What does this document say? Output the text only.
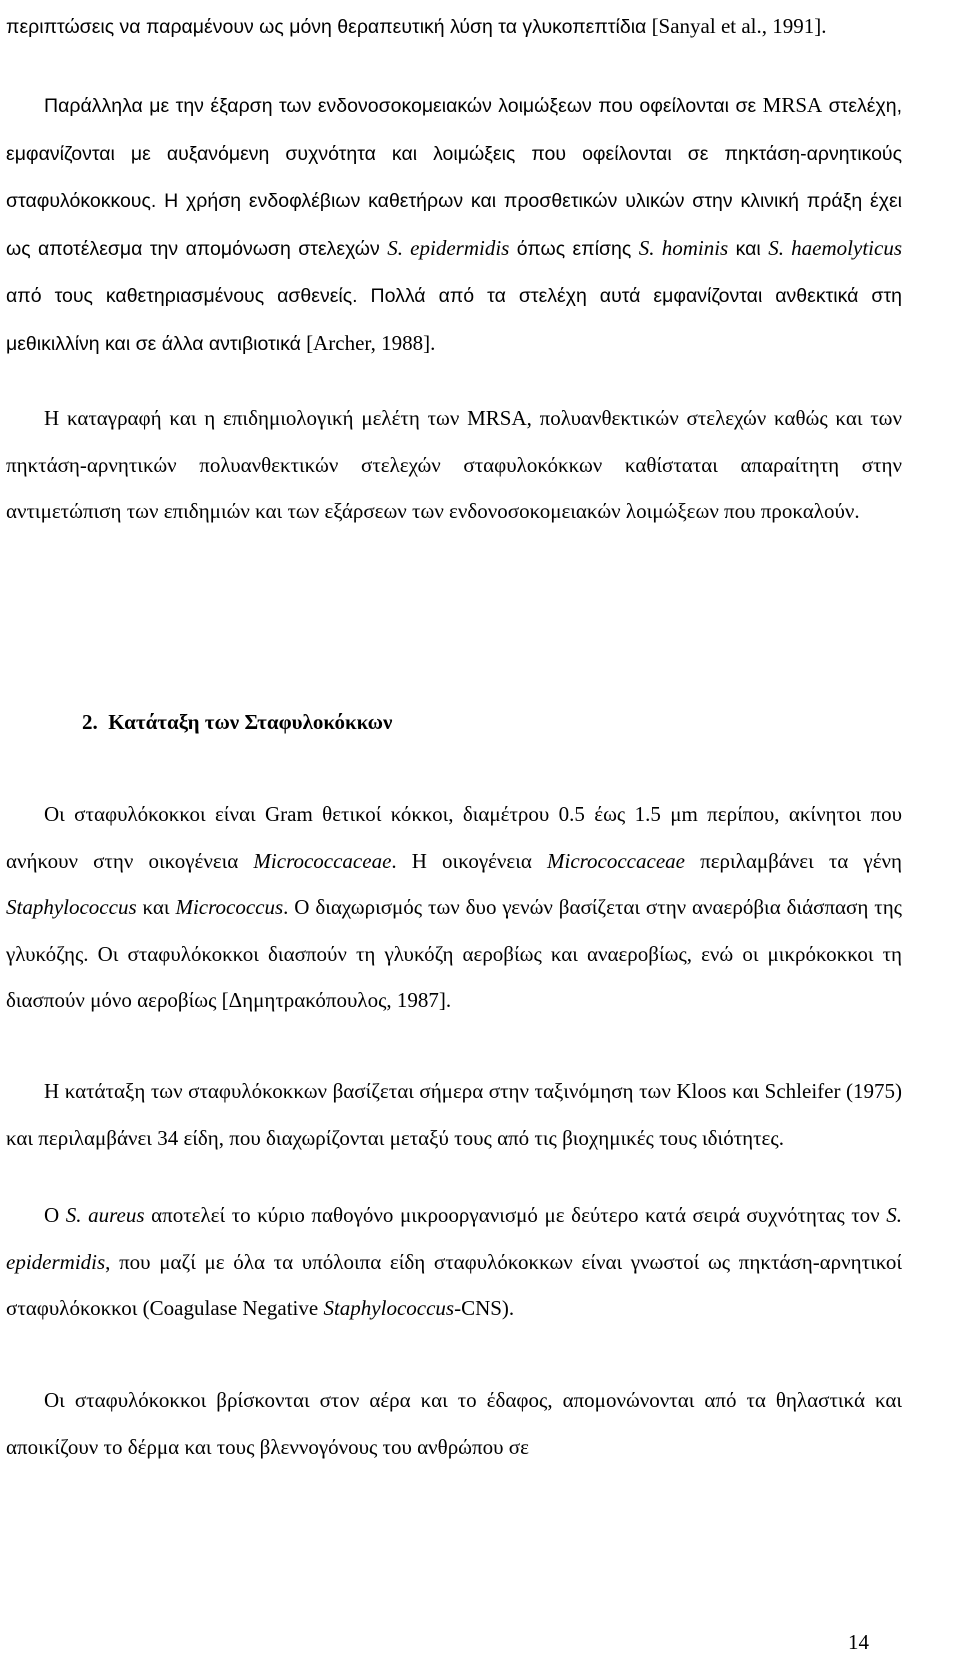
περιπτώσεις να παραμένουν ως μόνη θεραπευτική λύση τα γλυκοπεπτίδια [Sanyal et al., 1991].

Παράλληλα με την έξαρση των ενδονοσοκομειακών λοιμώξεων που οφείλονται σε MRSA στελέχη, εμφανίζονται με αυξανόμενη συχνότητα και λοιμώξεις που οφείλονται σε πηκτάση-αρνητικούς σταφυλόκοκκους. Η χρήση ενδοφλέβιων καθετήρων και προσθετικών υλικών στην κλινική πράξη έχει ως αποτέλεσμα την απομόνωση στελεχών S. epidermidis όπως επίσης S. hominis και S. haemolyticus από τους καθετηριασμένους ασθενείς. Πολλά από τα στελέχη αυτά εμφανίζονται ανθεκτικά στη μεθικιλλίνη και σε άλλα αντιβιοτικά [Archer, 1988].

Η καταγραφή και η επιδημιολογική μελέτη των MRSA, πολυανθεκτικών στελεχών καθώς και των πηκτάση-αρνητικών πολυανθεκτικών στελεχών σταφυλοκόκκων καθίσταται απαραίτητη στην αντιμετώπιση των επιδημιών και των εξάρσεων των ενδονοσοκομειακών λοιμώξεων που προκαλούν.

2. Κατάταξη των Σταφυλοκόκκων

Οι σταφυλόκοκκοι είναι Gram θετικοί κόκκοι, διαμέτρου 0.5 έως 1.5 μm περίπου, ακίνητοι που ανήκουν στην οικογένεια Micrococcaceae. Η οικογένεια Micrococcaceae περιλαμβάνει τα γένη Staphylococcus και Micrococcus. Ο διαχωρισμός των δυο γενών βασίζεται στην αναερόβια διάσπαση της γλυκόζης. Οι σταφυλόκοκκοι διασπούν τη γλυκόζη αεροβίως και αναεροβίως, ενώ οι μικρόκοκκοι τη διασπούν μόνο αεροβίως [Δημητρακόπουλος, 1987].

Η κατάταξη των σταφυλόκοκκων βασίζεται σήμερα στην ταξινόμηση των Kloos και Schleifer (1975) και περιλαμβάνει 34 είδη, που διαχωρίζονται μεταξύ τους από τις βιοχημικές τους ιδιότητες.

Ο S. aureus αποτελεί το κύριο παθογόνο μικροοργανισμό με δεύτερο κατά σειρά συχνότητας τον S. epidermidis, που μαζί με όλα τα υπόλοιπα είδη σταφυλόκοκκων είναι γνωστοί ως πηκτάση-αρνητικοί σταφυλόκοκκοι (Coagulase Negative Staphylococcus-CNS).

Οι σταφυλόκοκκοι βρίσκονται στον αέρα και το έδαφος, απομονώνονται από τα θηλαστικά και αποικίζουν το δέρμα και τους βλεννογόνους του ανθρώπου σε

14
